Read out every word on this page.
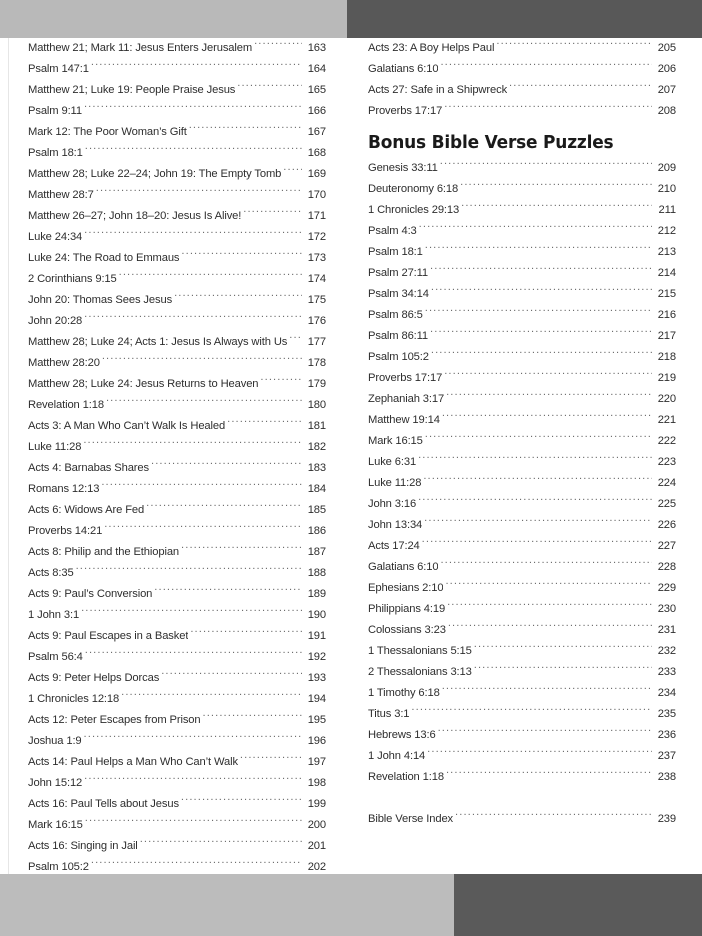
Matthew 21; Mark 11: Jesus Enters Jerusalem .....	163
Psalm 147:1 .....	164
Matthew 21; Luke 19: People Praise Jesus .....	165
Psalm 9:11 .....	166
Mark 12: The Poor Woman’s Gift .....	167
Psalm 18:1 .....	168
Matthew 28; Luke 22–24; John 19: The Empty Tomb .....	169
Matthew 28:7 .....	170
Matthew 26–27; John 18–20: Jesus Is Alive! .....	171
Luke 24:34 .....	172
Luke 24: The Road to Emmaus .....	173
2 Corinthians 9:15 .....	174
John 20: Thomas Sees Jesus .....	175
John 20:28 .....	176
Matthew 28; Luke 24; Acts 1: Jesus Is Always with Us .....	177
Matthew 28:20 .....	178
Matthew 28; Luke 24: Jesus Returns to Heaven .....	179
Revelation 1:18 .....	180
Acts 3: A Man Who Can’t Walk Is Healed .....	181
Luke 11:28 .....	182
Acts 4: Barnabas Shares .....	183
Romans 12:13 .....	184
Acts 6: Widows Are Fed .....	185
Proverbs 14:21 .....	186
Acts 8: Philip and the Ethiopian .....	187
Acts 8:35 .....	188
Acts 9: Paul’s Conversion .....	189
1 John 3:1 .....	190
Acts 9: Paul Escapes in a Basket .....	191
Psalm 56:4 .....	192
Acts 9: Peter Helps Dorcas .....	193
1 Chronicles 12:18 .....	194
Acts 12: Peter Escapes from Prison .....	195
Joshua 1:9 .....	196
Acts 14: Paul Helps a Man Who Can’t Walk .....	197
John 15:12 .....	198
Acts 16: Paul Tells about Jesus .....	199
Mark 16:15 .....	200
Acts 16: Singing in Jail .....	201
Psalm 105:2 .....	202
.....
.....
Acts 23: A Boy Helps Paul .....	205
Galatians 6:10 .....	206
Acts 27: Safe in a Shipwreck .....	207
Proverbs 17:17 .....	208
Bonus Bible Verse Puzzles
Genesis 33:11 .....	209
Deuteronomy 6:18 .....	210
1 Chronicles 29:13 .....	211
Psalm 4:3 .....	212
Psalm 18:1 .....	213
Psalm 27:11 .....	214
Psalm 34:14 .....	215
Psalm 86:5 .....	216
Psalm 86:11 .....	217
Psalm 105:2 .....	218
Proverbs 17:17 .....	219
Zephaniah 3:17 .....	220
Matthew 19:14 .....	221
Mark 16:15 .....	222
Luke 6:31 .....	223
Luke 11:28 .....	224
John 3:16 .....	225
John 13:34 .....	226
Acts 17:24 .....	227
Galatians 6:10 .....	228
Ephesians 2:10 .....	229
Philippians 4:19 .....	230
Colossians 3:23 .....	231
1 Thessalonians 5:15 .....	232
2 Thessalonians 3:13 .....	233
1 Timothy 6:18 .....	234
Titus 3:1 .....	235
Hebrews 13:6 .....	236
1 John 4:14 .....	237
Revelation 1:18 .....	238
Bible Verse Index .....	239
